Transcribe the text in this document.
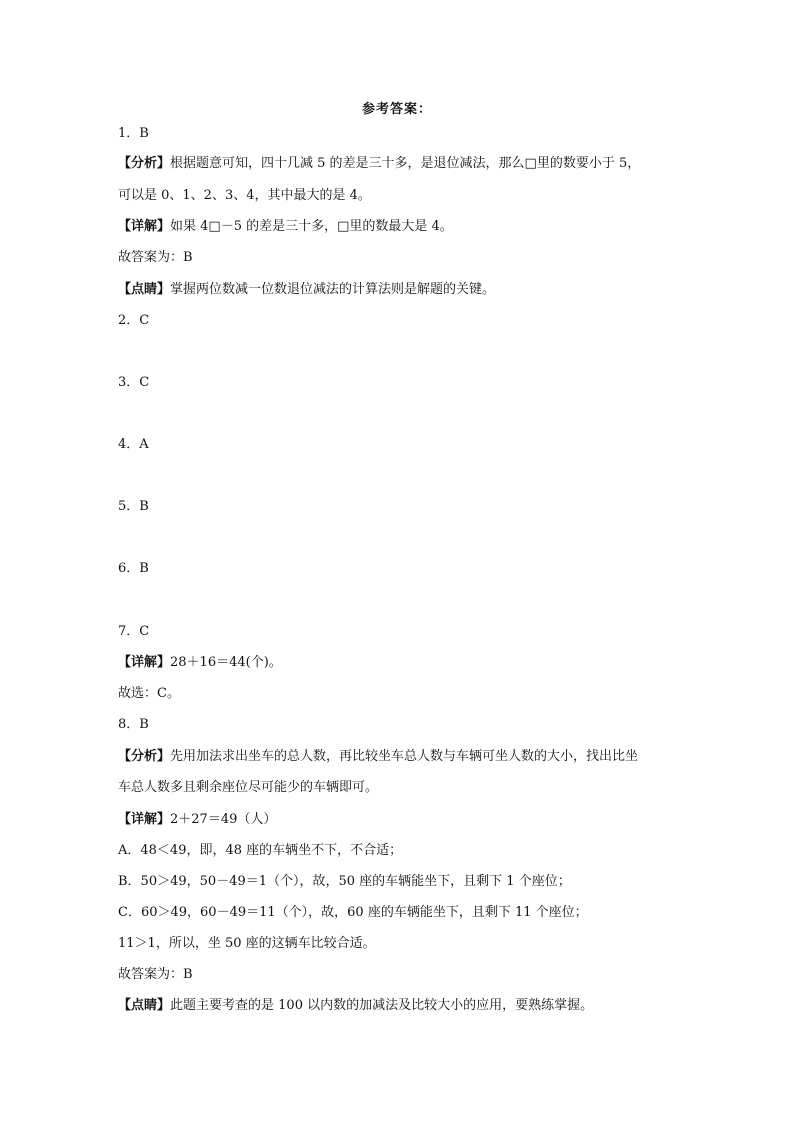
参考答案：
1．B
【分析】根据题意可知，四十几减 5 的差是三十多，是退位减法，那么□里的数要小于 5，
可以是 0、1、2、3、4，其中最大的是 4。
【详解】如果 4□－5 的差是三十多，□里的数最大是 4。
故答案为：B
【点睛】掌握两位数减一位数退位减法的计算法则是解题的关键。
2．C
3．C
4．A
5．B
6．B
7．C
【详解】28＋16＝44(个)。
故选：C。
8．B
【分析】先用加法求出坐车的总人数，再比较坐车总人数与车辆可坐人数的大小，找出比坐
车总人数多且剩余座位尽可能少的车辆即可。
【详解】2＋27＝49（人）
A．48＜49，即，48 座的车辆坐不下，不合适；
B．50＞49，50－49＝1（个），故，50 座的车辆能坐下，且剩下 1 个座位；
C．60＞49，60－49＝11（个），故，60 座的车辆能坐下，且剩下 11 个座位；
11＞1，所以，坐 50 座的这辆车比较合适。
故答案为：B
【点睛】此题主要考查的是 100 以内数的加减法及比较大小的应用，要熟练掌握。
